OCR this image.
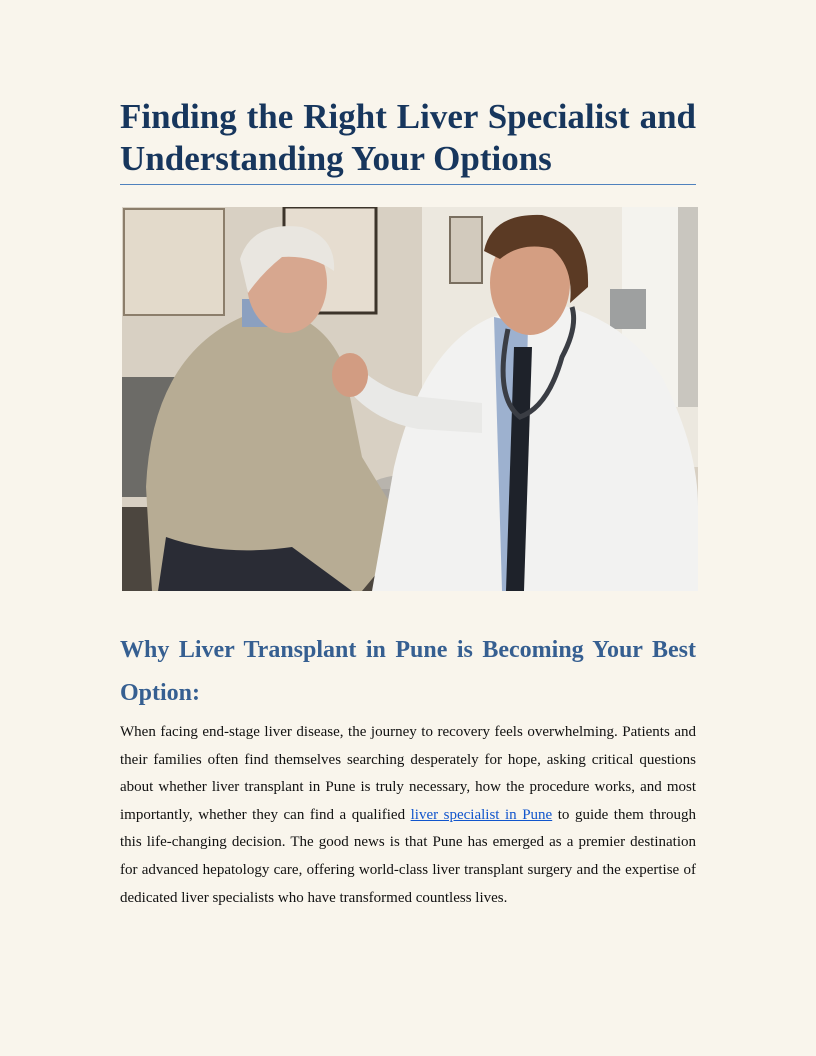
Finding the Right Liver Specialist and Understanding Your Options
Why Liver Transplant in Pune is Becoming Your Best Option:

When facing end-stage liver disease, the journey to recovery feels overwhelming. Patients and their families often find themselves searching desperately for hope, asking critical questions about whether liver transplant in Pune is truly necessary, how the procedure works, and most importantly, whether they can find a qualified liver specialist in Pune to guide them through this life-changing decision. The good news is that Pune has emerged as a premier destination for advanced hepatology care, offering world-class liver transplant surgery and the expertise of dedicated liver specialists who have transformed countless lives.
